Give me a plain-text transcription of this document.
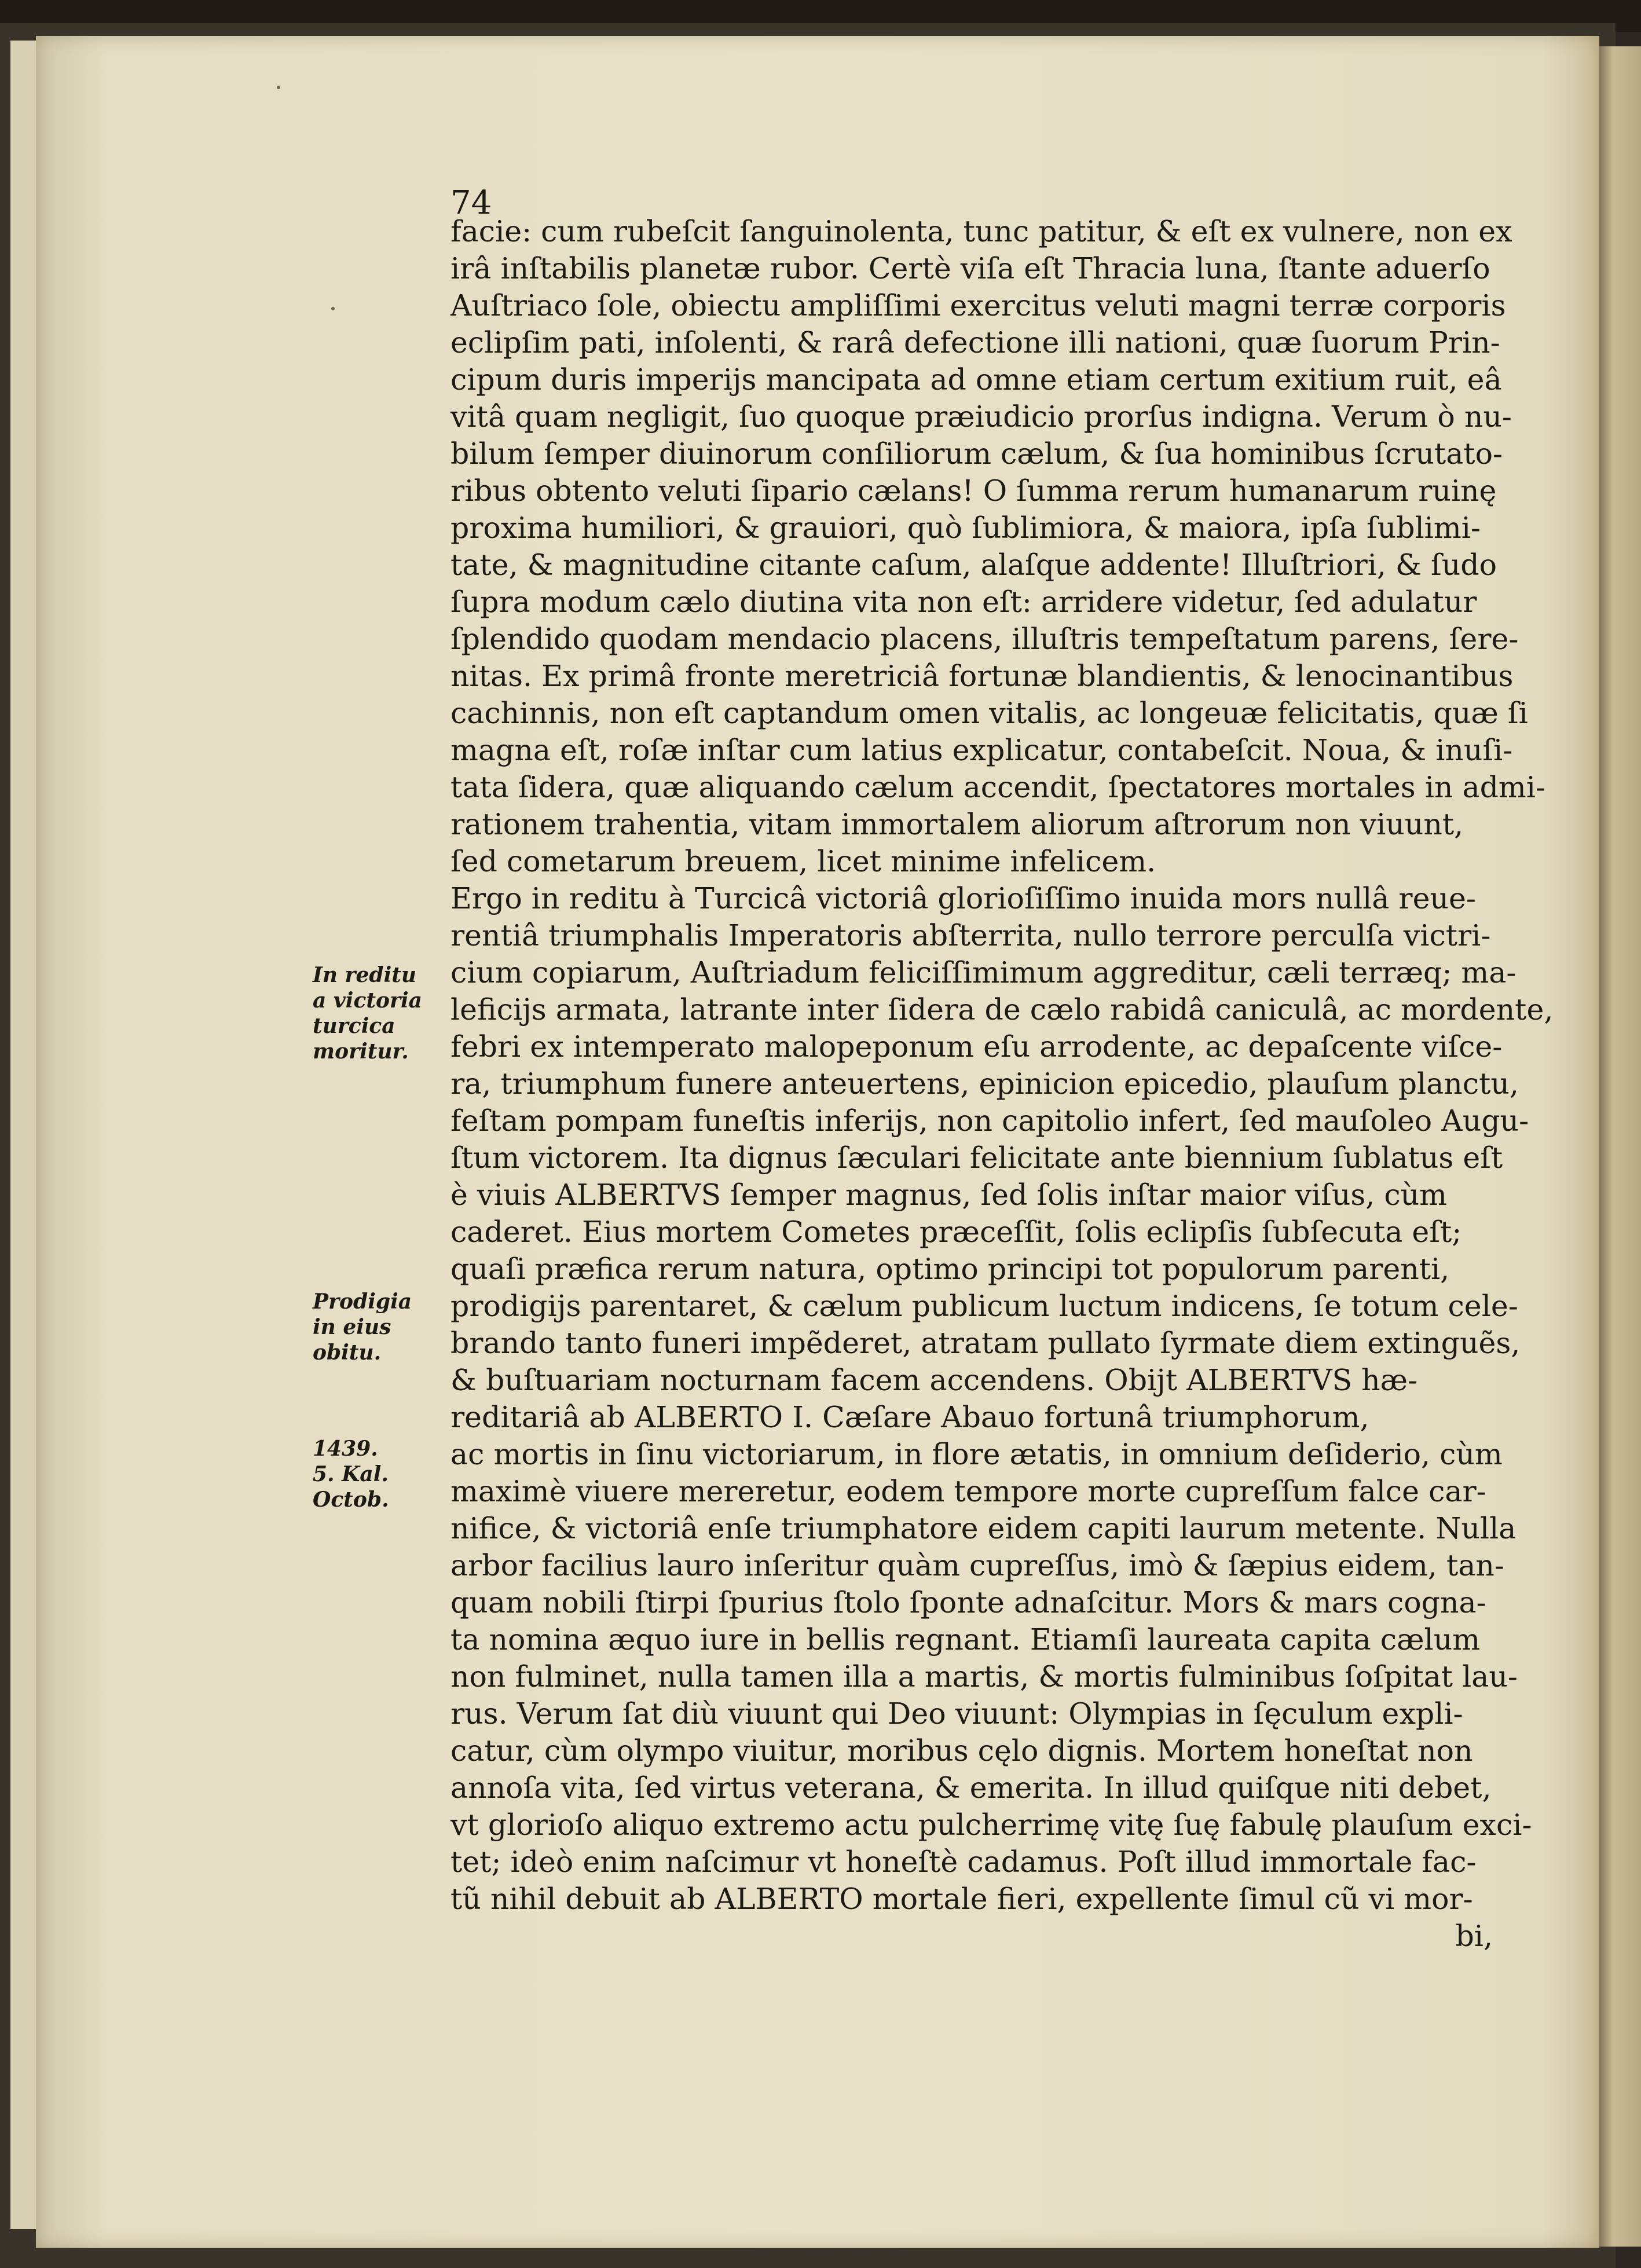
74
facie: cum rubeſcit ſanguinolenta, tunc patitur, & eſt ex vulnere, non ex
irâ inſtabilis planetæ rubor. Certè viſa eſt Thracia luna, ſtante aduerſo
Auſtriaco ſole, obiectu ampliſſimi exercitus veluti magni terræ corporis
eclipſim pati, inſolenti, & rarâ defectione illi nationi, quæ ſuorum Prin-
cipum duris imperijs mancipata ad omne etiam certum exitium ruit, eâ
vitâ quam negligit, ſuo quoque præiudicio prorſus indigna. Verum ò nu-
bilum ſemper diuinorum conſiliorum cælum, & ſua hominibus ſcrutato-
ribus obtento veluti ſipario cælans! O ſumma rerum humanarum ruinę
proxima humiliori, & grauiori, quò ſublimiora, & maiora, ipſa ſublimi-
tate, & magnitudine citante caſum, alaſque addente! Illuſtriori, & ſudo
ſupra modum cælo diutina vita non eſt: arridere videtur, ſed adulatur
ſplendido quodam mendacio placens, illuſtris tempeſtatum parens, ſere-
nitas. Ex primâ fronte meretriciâ fortunæ blandientis, & lenocinantibus
cachinnis, non eſt captandum omen vitalis, ac longeuæ felicitatis, quæ ſi
magna eſt, roſæ inſtar cum latius explicatur, contabeſcit. Noua, & inuſi-
tata ſidera, quæ aliquando cælum accendit, ſpectatores mortales in admi-
rationem trahentia, vitam immortalem aliorum aſtrorum non viuunt,
ſed cometarum breuem, licet minime infelicem.
Ergo in reditu à Turcicâ victoriâ glorioſiſſimo inuida mors nullâ reue-
rentiâ triumphalis Imperatoris abſterrita, nullo terrore perculſa victri-
cium copiarum, Auſtriadum feliciſſimimum aggreditur, cæli terræq; ma-
leficijs armata, latrante inter ſidera de cælo rabidâ caniculâ, ac mordente,
febri ex intemperato malopeponum eſu arrodente, ac depaſcente viſce-
ra, triumphum funere anteuertens, epinicion epicedio, plauſum planctu,
feſtam pompam funeſtis inferijs, non capitolio infert, ſed mauſoleo Augu-
ſtum victorem. Ita dignus ſæculari felicitate ante biennium ſublatus eſt
è viuis ALBERTVS ſemper magnus, ſed ſolis inſtar maior viſus, cùm
caderet. Eius mortem Cometes præceſſit, ſolis eclipſis ſubſecuta eſt;
quaſi præfica rerum natura, optimo principi tot populorum parenti,
prodigijs parentaret, & cælum publicum luctum indicens, ſe totum cele-
brando tanto funeri impẽderet, atratam pullato ſyrmate diem extinguẽs,
& buſtuariam nocturnam facem accendens. Obijt ALBERTVS hæ-
reditariâ ab ALBERTO I. Cæſare Abauo fortunâ triumphorum,
ac mortis in ſinu victoriarum, in flore ætatis, in omnium deſiderio, cùm
maximè viuere mereretur, eodem tempore morte cupreſſum falce car-
nifice, & victoriâ enſe triumphatore eidem capiti laurum metente. Nulla
arbor facilius lauro inſeritur quàm cupreſſus, imò & ſæpius eidem, tan-
quam nobili ſtirpi ſpurius ſtolo ſponte adnaſcitur. Mors & mars cogna-
ta nomina æquo iure in bellis regnant. Etiamſi laureata capita cælum
non fulminet, nulla tamen illa a martis, & mortis fulminibus ſoſpitat lau-
rus. Verum ſat diù viuunt qui Deo viuunt: Olympias in ſęculum expli-
catur, cùm olympo viuitur, moribus cęlo dignis. Mortem honeſtat non
annoſa vita, ſed virtus veterana, & emerita. In illud quiſque niti debet,
vt glorioſo aliquo extremo actu pulcherrimę vitę ſuę fabulę plauſum exci-
tet; ideò enim naſcimur vt honeſtè cadamus. Poſt illud immortale fac-
tũ nihil debuit ab ALBERTO mortale fieri, expellente ſimul cũ vi mor-
bi,
In reditu
a victoria
turcica
moritur.
Prodigia
in eius
obitu.
1439.
5. Kal.
Octob.
